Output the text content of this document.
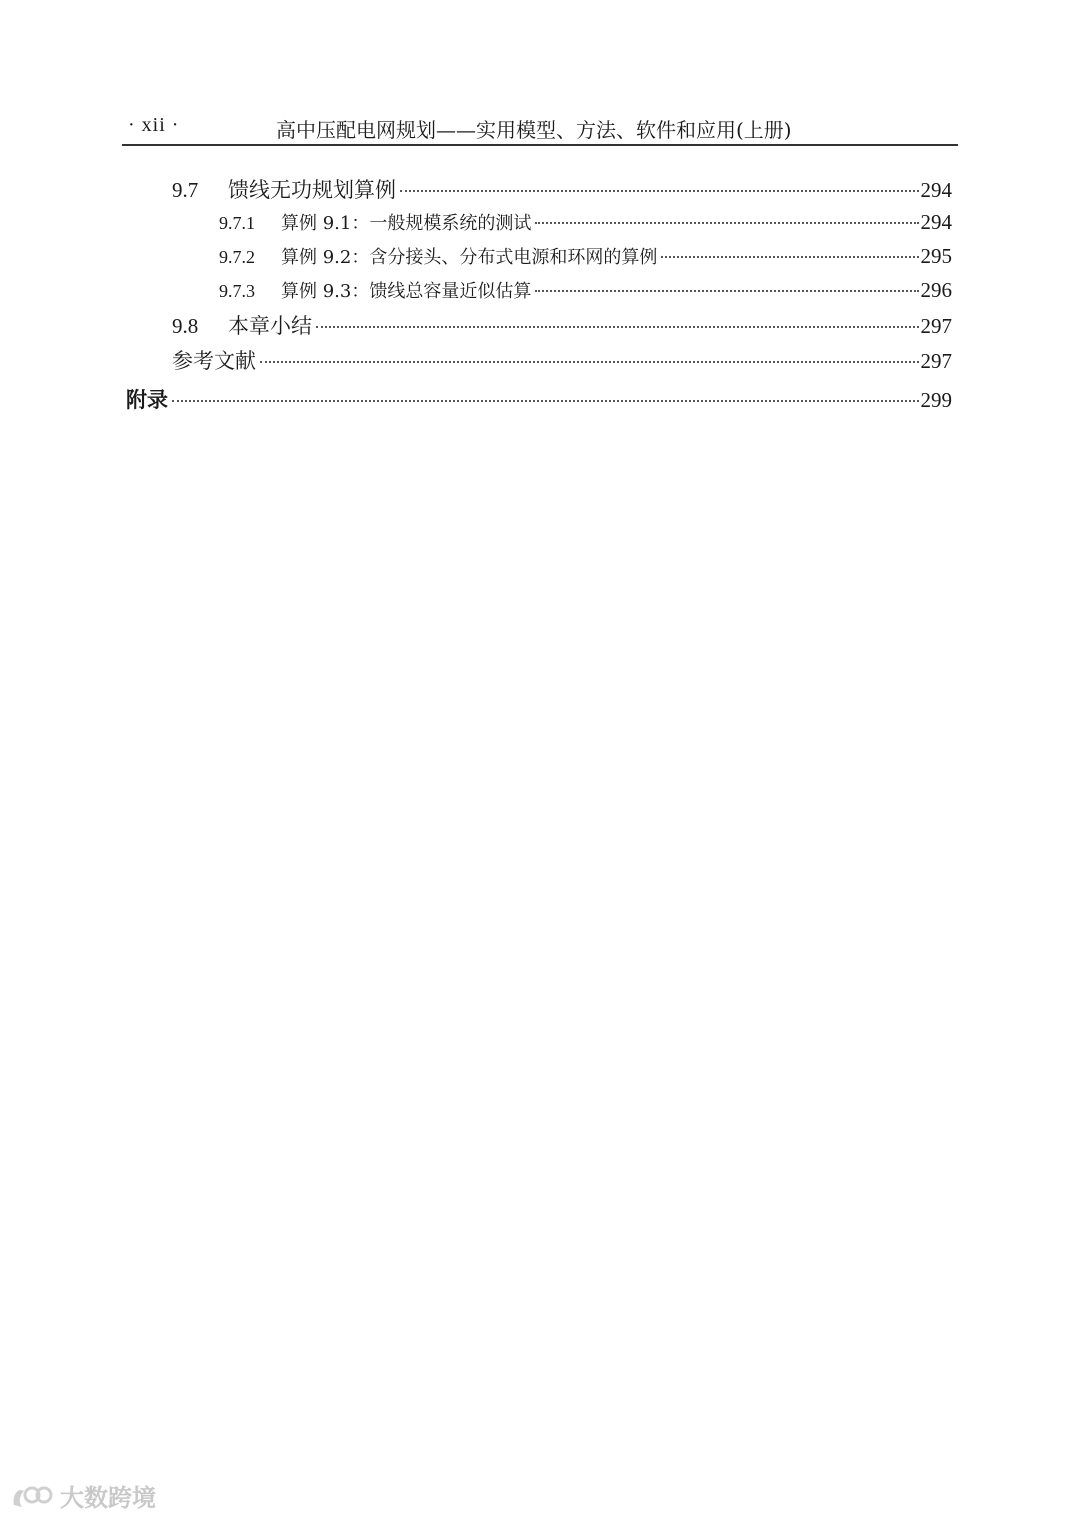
· xii ·	高中压配电网规划——实用模型、方法、软件和应用(上册)
9.7	馈线无功规划算例	294
9.7.1	算例 9.1：一般规模系统的测试	294
9.7.2	算例 9.2：含分接头、分布式电源和环网的算例	295
9.7.3	算例 9.3：馈线总容量近似估算	296
9.8	本章小结	297
参考文献	297
附录	299
大数跨境
